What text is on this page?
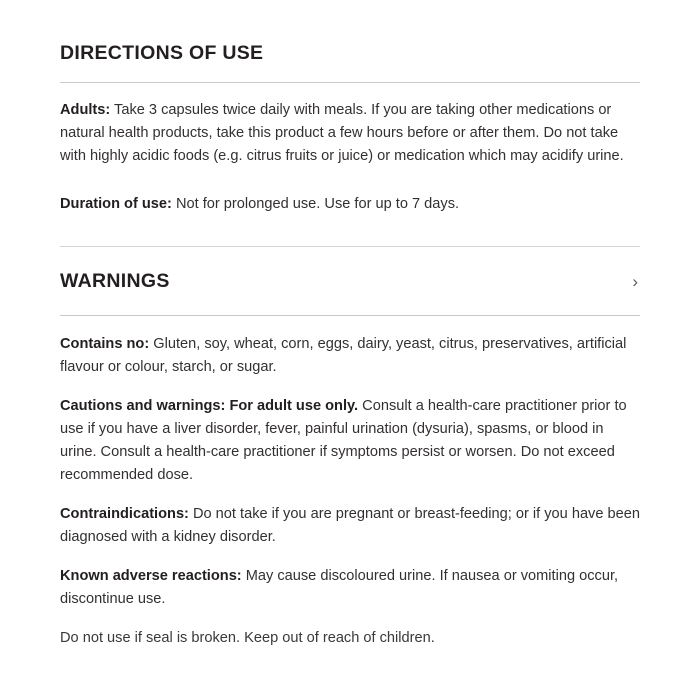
DIRECTIONS OF USE

Adults: Take 3 capsules twice daily with meals. If you are taking other medications or natural health products, take this product a few hours before or after them. Do not take with highly acidic foods (e.g. citrus fruits or juice) or medication which may acidify urine.

Duration of use: Not for prolonged use. Use for up to 7 days.

WARNINGS	›

Contains no: Gluten, soy, wheat, corn, eggs, dairy, yeast, citrus, preservatives, artificial flavour or colour, starch, or sugar.

Cautions and warnings: For adult use only. Consult a health-care practitioner prior to use if you have a liver disorder, fever, painful urination (dysuria), spasms, or blood in urine. Consult a health-care practitioner if symptoms persist or worsen. Do not exceed recommended dose.

Contraindications: Do not take if you are pregnant or breast-feeding; or if you have been diagnosed with a kidney disorder.

Known adverse reactions: May cause discoloured urine. If nausea or vomiting occur, discontinue use.

Do not use if seal is broken. Keep out of reach of children.
